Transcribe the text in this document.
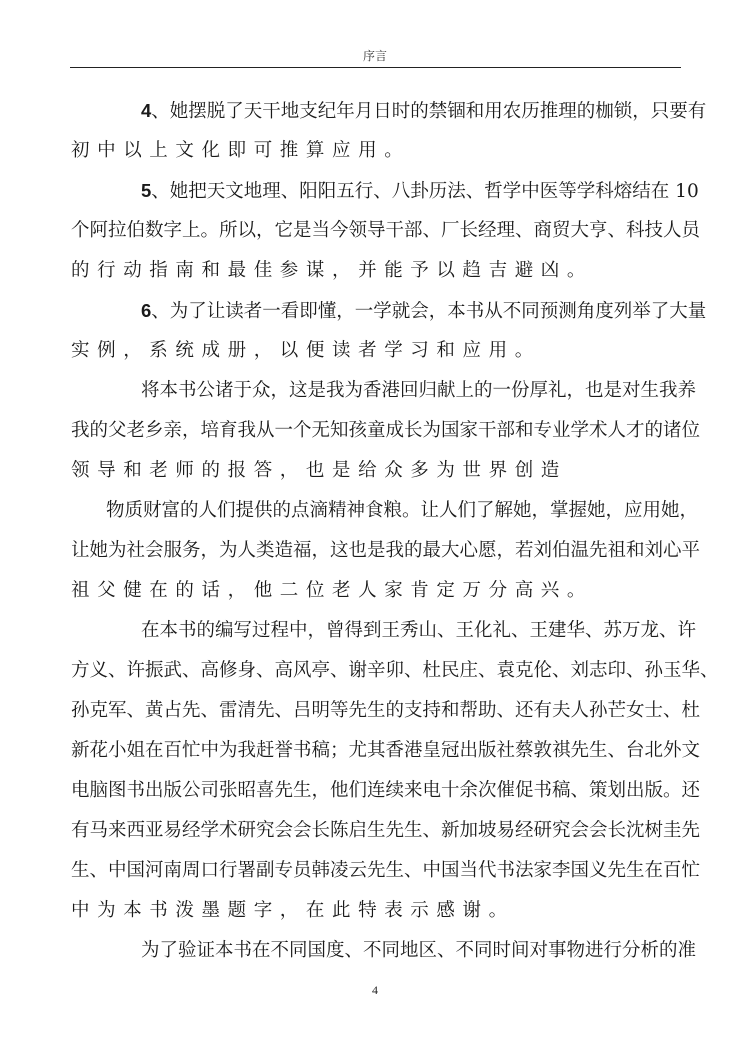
序言
4、她摆脱了天干地支纪年月日时的禁锢和用农历推理的枷锁，只要有
初中以上文化即可推算应用。
5、她把天文地理、阳阳五行、八卦历法、哲学中医等学科熔结在 10
个阿拉伯数字上。所以，它是当今领导干部、厂长经理、商贸大亨、科技人员
的行动指南和最佳参谋，并能予以趋吉避凶。
6、为了让读者一看即懂，一学就会，本书从不同预测角度列举了大量
实例，系统成册，以便读者学习和应用。
将本书公诸于众，这是我为香港回归献上的一份厚礼，也是对生我养
我的父老乡亲，培育我从一个无知孩童成长为国家干部和专业学术人才的诸位
领导和老师的报答，也是给众多为世界创造
物质财富的人们提供的点滴精神食粮。让人们了解她，掌握她，应用她，
让她为社会服务，为人类造福，这也是我的最大心愿，若刘伯温先祖和刘心平
祖父健在的话，他二位老人家肯定万分高兴。
在本书的编写过程中，曾得到王秀山、王化礼、王建华、苏万龙、许
方义、许振武、高修身、高风亭、谢辛卯、杜民庄、袁克伦、刘志印、孙玉华、
孙克军、黄占先、雷清先、吕明等先生的支持和帮助、还有夫人孙芒女士、杜
新花小姐在百忙中为我赶誉书稿；尤其香港皇冠出版社蔡敦祺先生、台北外文
电脑图书出版公司张昭喜先生，他们连续来电十余次催促书稿、策划出版。还
有马来西亚易经学术研究会会长陈启生先生、新加坡易经研究会会长沈树圭先
生、中国河南周口行署副专员韩凌云先生、中国当代书法家李国义先生在百忙
中为本书泼墨题字，在此特表示感谢。
为了验证本书在不同国度、不同地区、不同时间对事物进行分析的准
4
